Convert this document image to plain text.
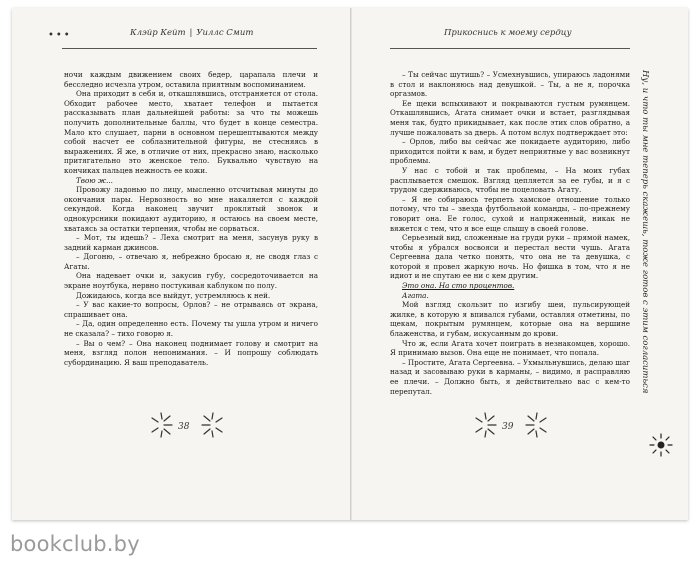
•••	Клэйр Кейт | Уиллс Смит

ночи каждым движением своих бедер, царапала плечи и бесследно исчезла утром, оставила приятным воспоминанием.

Она приходит в себя и, откашлявшись, отстраняется от стола. Обходит рабочее место, хватает телефон и пытается рассказывать план дальнейшей работы: за что ты можешь получить дополнительные баллы, что будет в конце семестра. Мало кто слушает, парни в основном перешептываются между собой насчет ее соблазнительной фигуры, не стесняясь в выражениях. Я же, в отличие от них, прекрасно знаю, насколько притягательно это женское тело. Буквально чувствую на кончиках пальцев нежность ее кожи.

Твою ж...

Провожу ладонью по лицу, мысленно отсчитывая минуты до окончания пары. Нервозность во мне накаляется с каждой секундой. Когда наконец звучит проклятый звонок и однокурсники покидают аудиторию, я остаюсь на своем месте, хватаясь за остатки терпения, чтобы не сорваться.

– Мот, ты идешь? – Леха смотрит на меня, засунув руку в задний карман джинсов.

– Догоню, – отвечаю я, небрежно бросаю я, не сводя глаз с Агаты.

Она надевает очки и, закусив губу, сосредоточивается на экране ноутбука, нервно постукивая каблуком по полу.

Дожидаюсь, когда все выйдут, устремляюсь к ней.

– У вас какие-то вопросы, Орлов? – не отрываясь от экрана, спрашивает она.

– Да, один определенно есть. Почему ты ушла утром и ничего не сказала? – тихо говорю я.

– Вы о чем? – Она наконец поднимает голову и смотрит на меня, взгляд полон непонимания. – И попрошу соблюдать субординацию. Я ваш преподаватель.

38
Прикоснись к моему сердцу

– Ты сейчас шутишь? – Усмехнувшись, упираюсь ладонями в стол и наклоняюсь над девушкой. – Ты, а не я, порочка оргазмов.

Ее щеки вспыхивают и покрываются густым румянцем. Откашлявшись, Агата снимает очки и встает, разглядывая меня так, будто прикидывает, как после этих слов обратно, а лучше пожаловать за дверь. А потом вслух подтверждает это:

– Орлов, либо вы сейчас же покидаете аудиторию, либо приходится пойти к вам, и будет неприятные у вас возникнут проблемы.

У нас с тобой и так проблемы, – На моих губах расплывается смешок. Взгляд цепляется за ее губы, и я с трудом сдерживаюсь, чтобы не поцеловать Агату.

– Я не собираюсь терпеть хамское отношение только потому, что ты – звезда футбольной команды, – по-прежнему говорит она. Ее голос, сухой и напряженный, никак не вяжется с тем, что я все еще слышу в своей голове.

Серьезный вид, сложенные на груди руки – прямой намек, чтобы я убрался восвояси и перестал вести чушь. Агата Сергеевна дала четко понять, что она не та девушка, с которой я провел жаркую ночь. Но фишка в том, что я не идиот и не спутаю ее ни с кем другим.

Это она. На сто процентов.

Агата.

Мой взгляд скользит по изгибу шеи, пульсирующей жилке, в которую я впивался губами, оставляя отметины, по щекам, покрытым румянцем, которые она на вершине блаженства, и губам, искусанным до крови.

Что ж, если Агата хочет поиграть в незнакомцев, хорошо. Я принимаю вызов. Она еще не понимает, что попала.

– Простите, Агата Сергеевна. – Ухмыльнувшись, делаю шаг назад и засовываю руки в карманы, – видимо, я расправляю ее плечи. – Должно быть, я действительно вас с кем-то перепутал.

39
Ну, и что ты мне теперь скажешь, тоже готов с этим согласиться
bookclub.by
